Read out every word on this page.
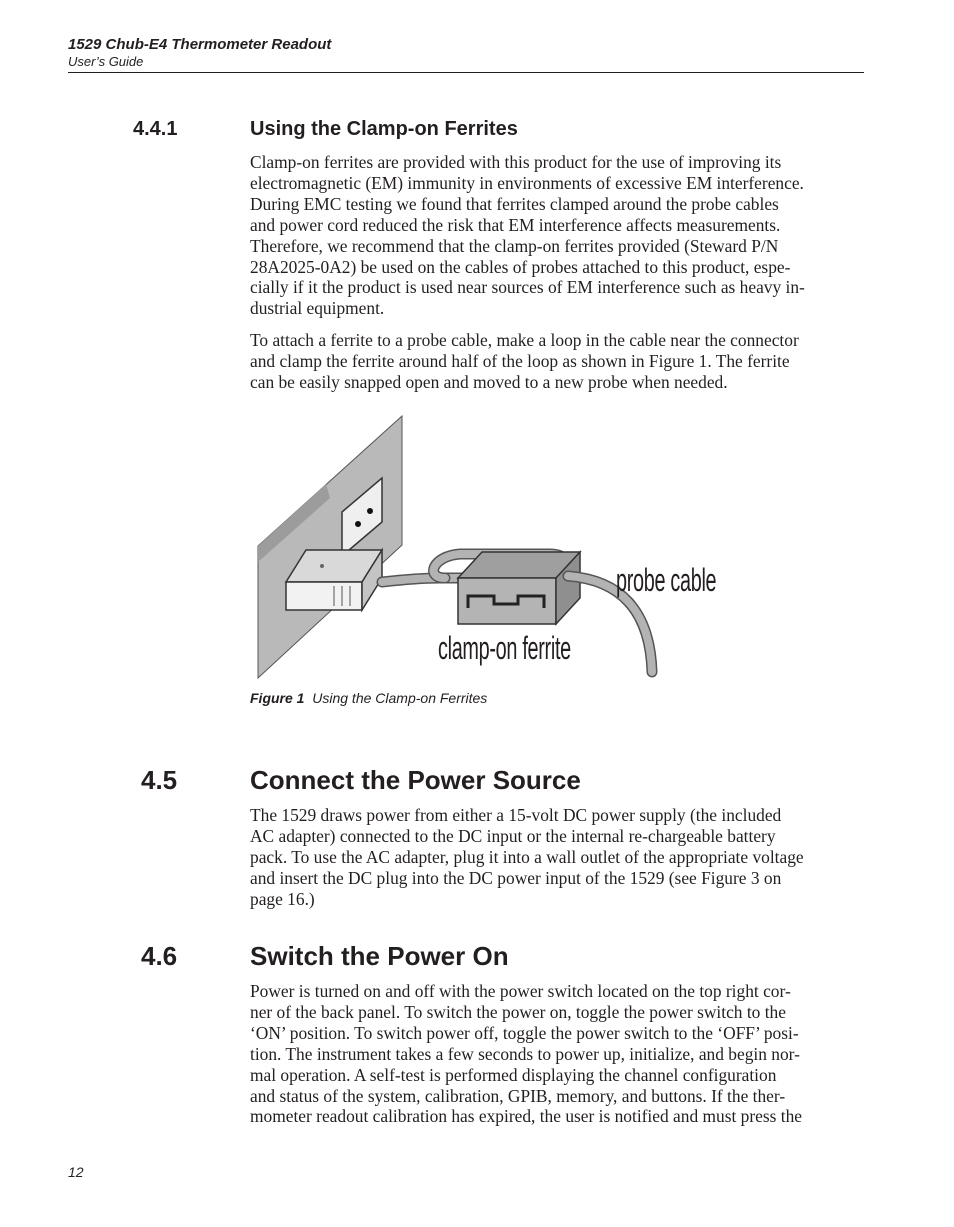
1529 Chub-E4 Thermometer Readout
User’s Guide
4.4.1	Using the Clamp-on Ferrites

Clamp-on ferrites are provided with this product for the use of improving its
electromagnetic (EM) immunity in environments of excessive EM interference.
During EMC testing we found that ferrites clamped around the probe cables
and power cord reduced the risk that EM interference affects measurements.
Therefore, we recommend that the clamp-on ferrites provided (Steward P/N
28A2025-0A2) be used on the cables of probes attached to this product, espe-
cially if it the product is used near sources of EM interference such as heavy in-
dustrial equipment.

To attach a ferrite to a probe cable, make a loop in the cable near the connector
and clamp the ferrite around half of the loop as shown in Figure 1. The ferrite
can be easily snapped open and moved to a new probe when needed.

probe cable
clamp-on ferrite
Figure 1 Using the Clamp-on Ferrites
4.5	Connect the Power Source

The 1529 draws power from either a 15-volt DC power supply (the included
AC adapter) connected to the DC input or the internal re-chargeable battery
pack. To use the AC adapter, plug it into a wall outlet of the appropriate voltage
and insert the DC plug into the DC power input of the 1529 (see Figure 3 on
page 16.)

4.6	Switch the Power On

Power is turned on and off with the power switch located on the top right cor-
ner of the back panel. To switch the power on, toggle the power switch to the
‘ON’ position. To switch power off, toggle the power switch to the ‘OFF’ posi-
tion. The instrument takes a few seconds to power up, initialize, and begin nor-
mal operation. A self-test is performed displaying the channel configuration
and status of the system, calibration, GPIB, memory, and buttons. If the ther-
mometer readout calibration has expired, the user is notified and must press the

12
